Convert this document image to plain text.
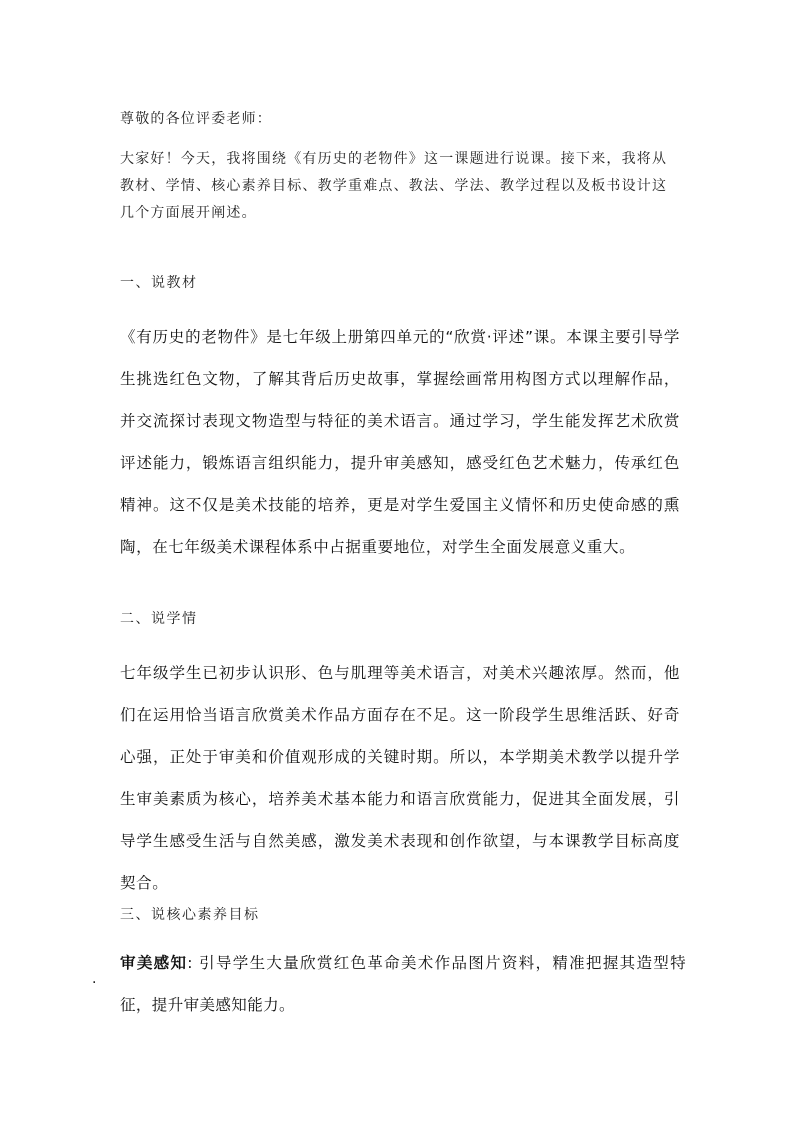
尊敬的各位评委老师：
大家好！今天，我将围绕《有历史的老物件》这一课题进行说课。接下来，我将从教材、学情、核心素养目标、教学重难点、教法、学法、教学过程以及板书设计这几个方面展开阐述。
一、说教材
《有历史的老物件》是七年级上册第四单元的“欣赏·评述”课。本课主要引导学生挑选红色文物，了解其背后历史故事，掌握绘画常用构图方式以理解作品，并交流探讨表现文物造型与特征的美术语言。通过学习，学生能发挥艺术欣赏评述能力，锻炼语言组织能力，提升审美感知，感受红色艺术魅力，传承红色精神。这不仅是美术技能的培养，更是对学生爱国主义情怀和历史使命感的熏陶，在七年级美术课程体系中占据重要地位，对学生全面发展意义重大。
二、说学情
七年级学生已初步认识形、色与肌理等美术语言，对美术兴趣浓厚。然而，他们在运用恰当语言欣赏美术作品方面存在不足。这一阶段学生思维活跃、好奇心强，正处于审美和价值观形成的关键时期。所以，本学期美术教学以提升学生审美素质为核心，培养美术基本能力和语言欣赏能力，促进其全面发展，引导学生感受生活与自然美感，激发美术表现和创作欲望，与本课教学目标高度契合。
三、说核心素养目标
.
审美感知: 引导学生大量欣赏红色革命美术作品图片资料，精准把握其造型特征，提升审美感知能力。
